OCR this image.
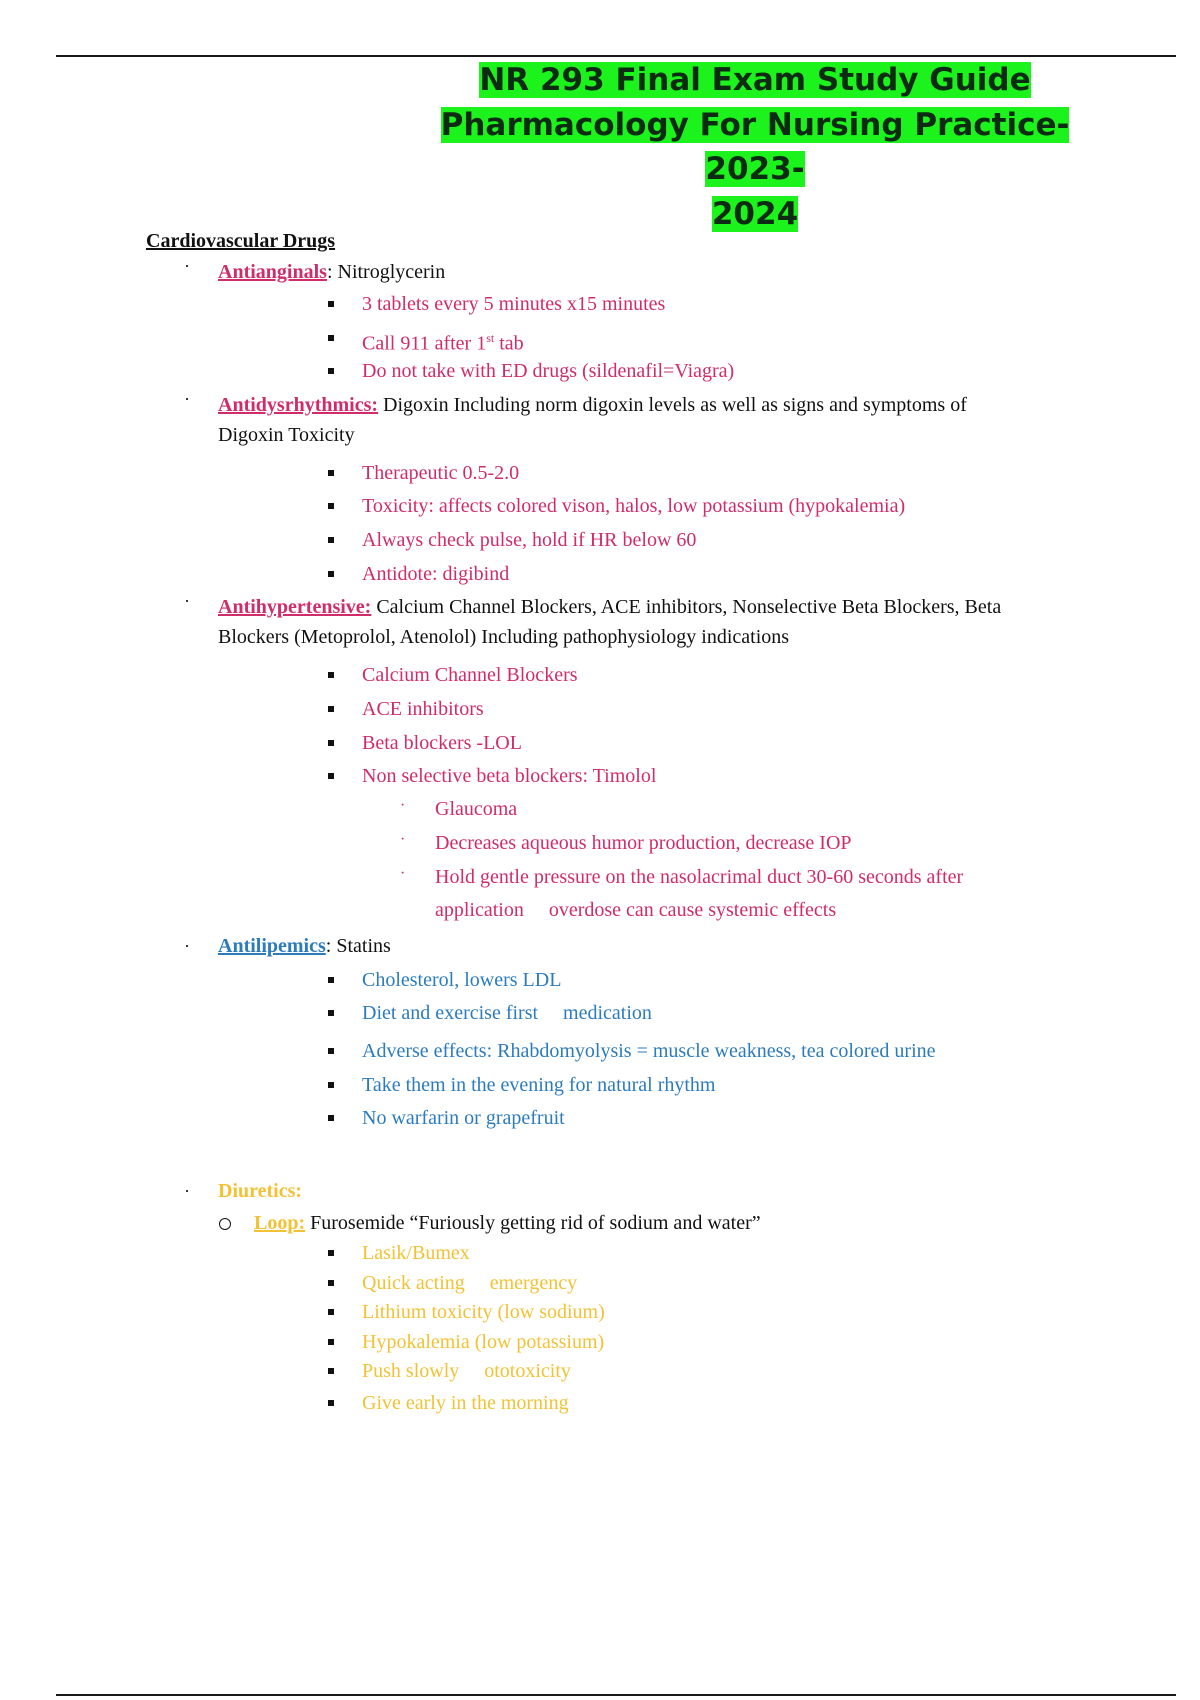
NR 293 Final Exam Study Guide
Pharmacology For Nursing Practice-2023-
2024
Cardiovascular Drugs
· Antianginals: Nitroglycerin
3 tablets every 5 minutes x15 minutes
Call 911 after 1st tab
Do not take with ED drugs (sildenafil=Viagra)
· Antidysrhythmics: Digoxin Including norm digoxin levels as well as signs and symptoms of
Digoxin Toxicity
Therapeutic 0.5-2.0
Toxicity: affects colored vison, halos, low potassium (hypokalemia)
Always check pulse, hold if HR below 60
Antidote: digibind
· Antihypertensive: Calcium Channel Blockers, ACE inhibitors, Nonselective Beta Blockers, Beta
Blockers (Metoprolol, Atenolol) Including pathophysiology indications
Calcium Channel Blockers
ACE inhibitors
Beta blockers -LOL
Non selective beta blockers: Timolol
· Glaucoma
· Decreases aqueous humor production, decrease IOP
· Hold gentle pressure on the nasolacrimal duct 30-60 seconds after
application     overdose can cause systemic effects
· Antilipemics: Statins
Cholesterol, lowers LDL
Diet and exercise first     medication
Adverse effects: Rhabdomyolysis = muscle weakness, tea colored urine
Take them in the evening for natural rhythm
No warfarin or grapefruit
· Diuretics:
Loop: Furosemide “Furiously getting rid of sodium and water”
Lasik/Bumex
Quick acting     emergency
Lithium toxicity (low sodium)
Hypokalemia (low potassium)
Push slowly     ototoxicity
Give early in the morning
